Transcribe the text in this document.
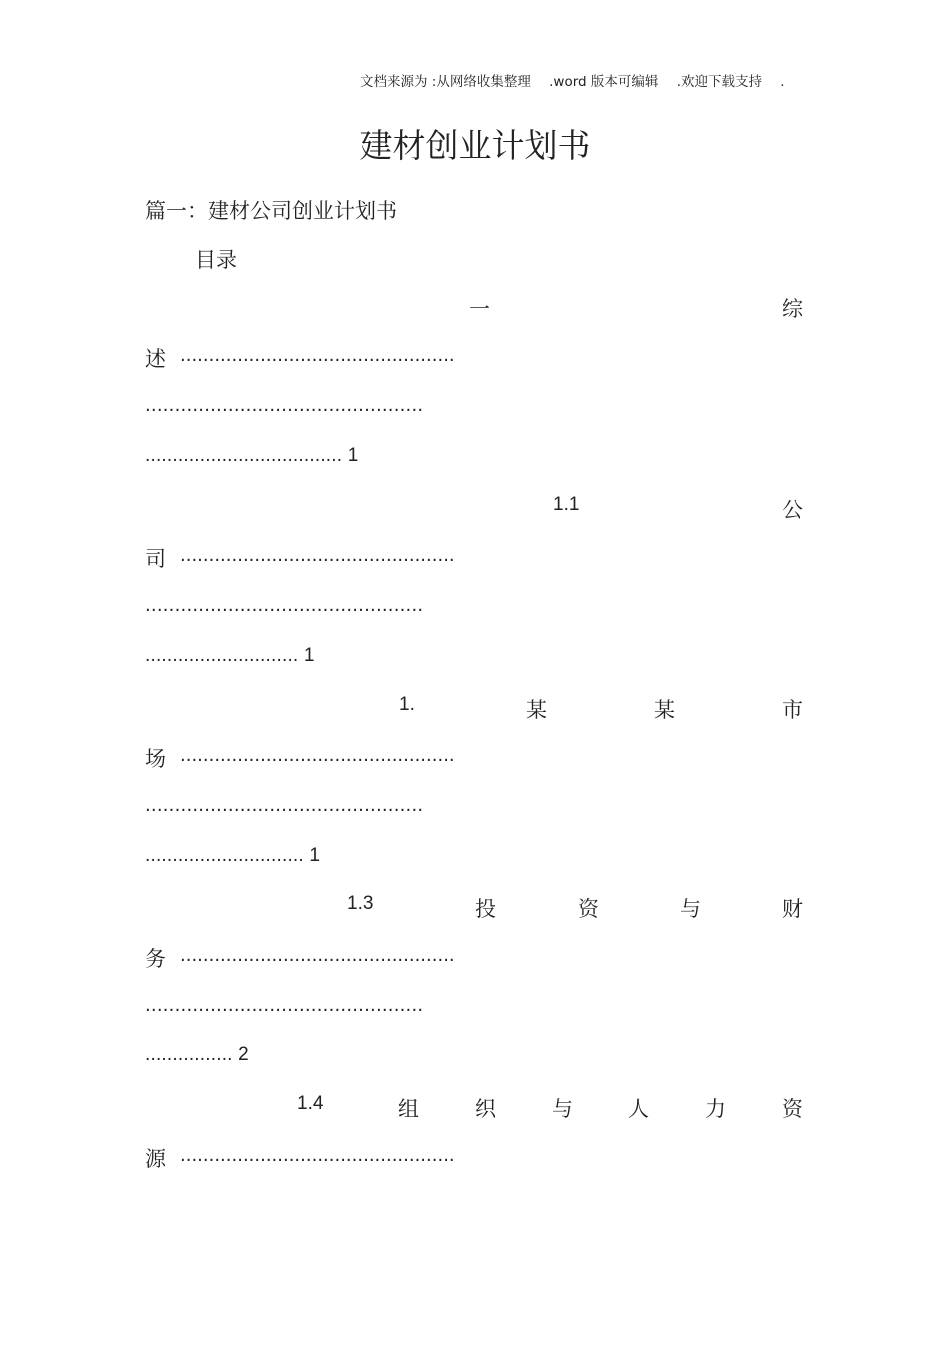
文档来源为 :从网络收集整理 .word 版本可编辑 .欢迎下载支持 .
建材创业计划书
篇一：建材公司创业计划书
目录
一	综
述 ................................................
...............................................
.................................... 1
1.1	公
司 ................................................
...............................................
............................ 1
1.	某	某	市
场 ................................................
...............................................
............................. 1
1.3	投	资	与	财
务 ................................................
...............................................
................ 2
1.4	组	织	与	人	力	资
源 ................................................
